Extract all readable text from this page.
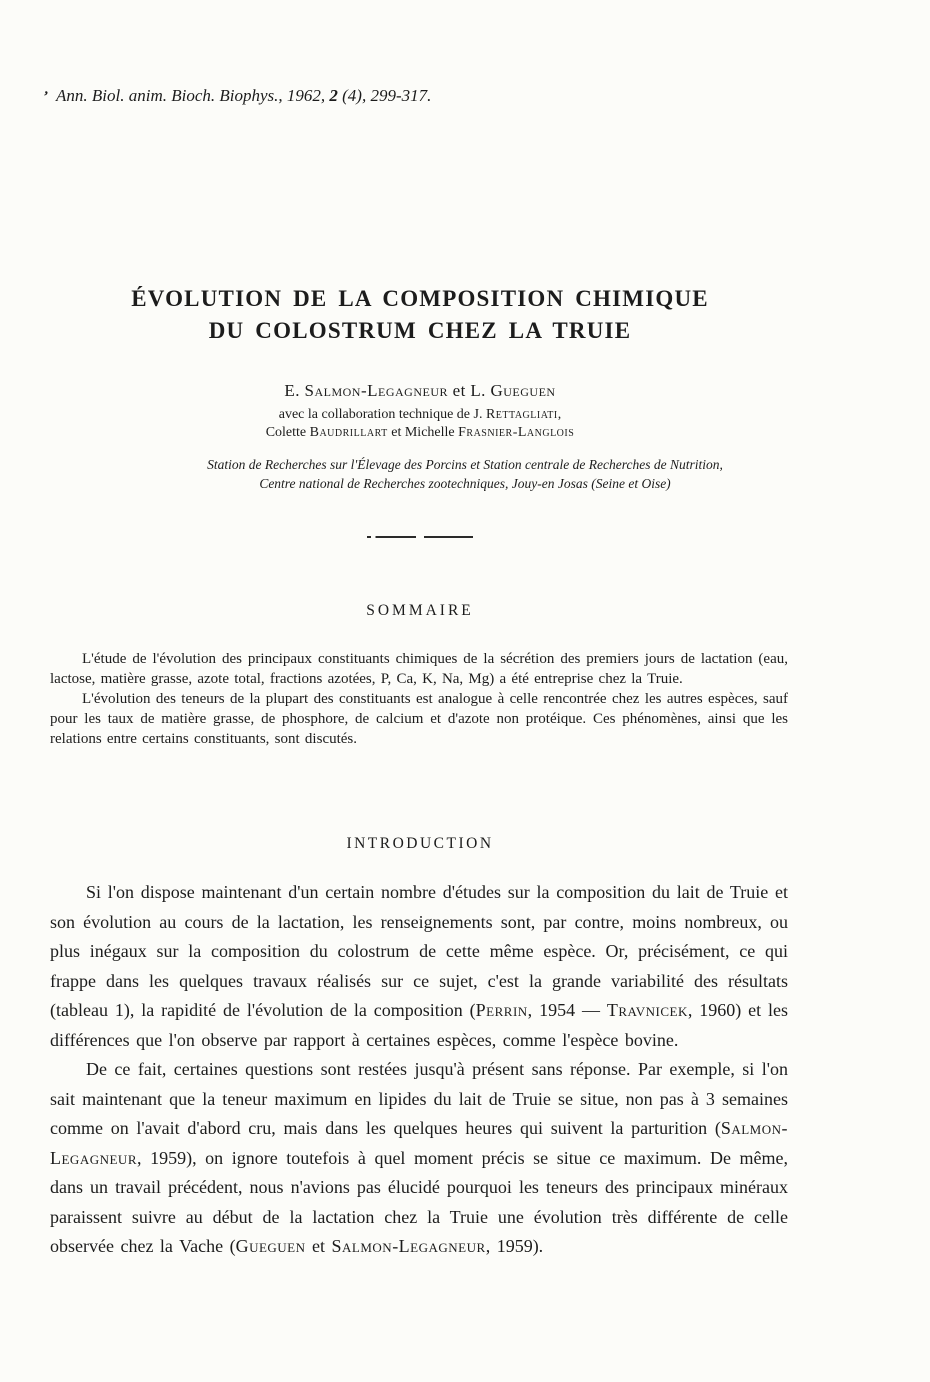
’ Ann. Biol. anim. Bioch. Biophys., 1962, 2 (4), 299-317.
ÉVOLUTION DE LA COMPOSITION CHIMIQUE
DU COLOSTRUM CHEZ LA TRUIE
E. Salmon-Legagneur et L. Gueguen
avec la collaboration technique de J. Rettagliati,
Colette Baudrillart et Michelle Frasnier-Langlois
Station de Recherches sur l'Élevage des Porcins et Station centrale de Recherches de Nutrition,
Centre national de Recherches zootechniques, Jouy-en Josas (Seine et Oise)
SOMMAIRE

L'étude de l'évolution des principaux constituants chimiques de la sécrétion des premiers jours de lactation (eau, lactose, matière grasse, azote total, fractions azotées, P, Ca, K, Na, Mg) a été entreprise chez la Truie.

L'évolution des teneurs de la plupart des constituants est analogue à celle rencontrée chez les autres espèces, sauf pour les taux de matière grasse, de phosphore, de calcium et d'azote non protéique. Ces phénomènes, ainsi que les relations entre certains constituants, sont discutés.

INTRODUCTION

Si l'on dispose maintenant d'un certain nombre d'études sur la composition du lait de Truie et son évolution au cours de la lactation, les renseignements sont, par contre, moins nombreux, ou plus inégaux sur la composition du colostrum de cette même espèce. Or, précisément, ce qui frappe dans les quelques travaux réalisés sur ce sujet, c'est la grande variabilité des résultats (tableau 1), la rapidité de l'évolution de la composition (Perrin, 1954 — Travnicek, 1960) et les différences que l'on observe par rapport à certaines espèces, comme l'espèce bovine.

De ce fait, certaines questions sont restées jusqu'à présent sans réponse. Par exemple, si l'on sait maintenant que la teneur maximum en lipides du lait de Truie se situe, non pas à 3 semaines comme on l'avait d'abord cru, mais dans les quelques heures qui suivent la parturition (Salmon-Legagneur, 1959), on ignore toutefois à quel moment précis se situe ce maximum. De même, dans un travail précédent, nous n'avions pas élucidé pourquoi les teneurs des principaux minéraux paraissent suivre au début de la lactation chez la Truie une évolution très différente de celle observée chez la Vache (Gueguen et Salmon-Legagneur, 1959).
